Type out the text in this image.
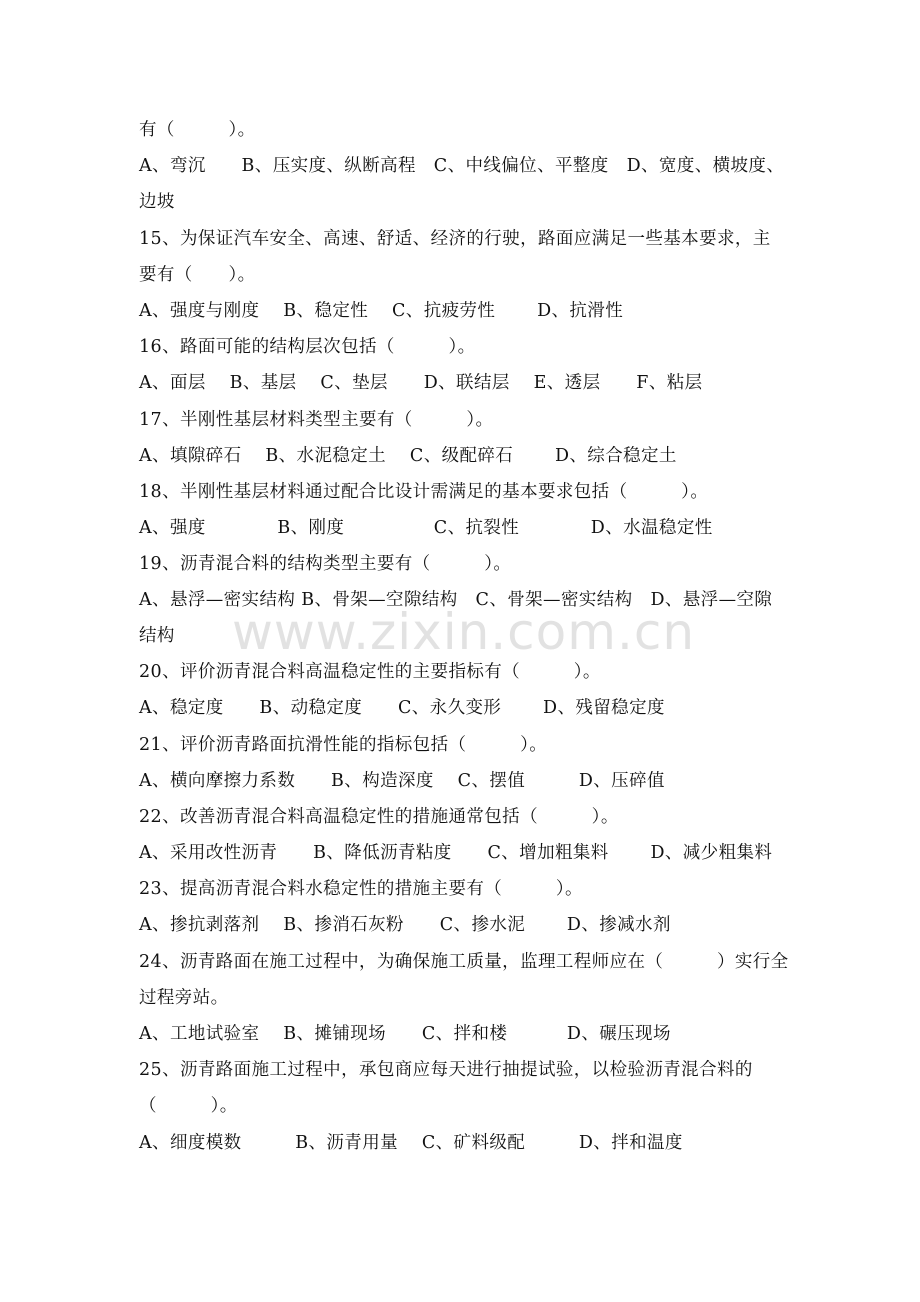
www.zixin.com.cn
有（　　　）。
A、弯沉　　B、压实度、纵断高程　C、中线偏位、平整度　D、宽度、横坡度、
边坡
15、为保证汽车安全、高速、舒适、经济的行驶，路面应满足一些基本要求，主
要有（　　）。
A、强度与刚度　 B、稳定性　 C、抗疲劳性　　 D、抗滑性
16、路面可能的结构层次包括（　　　）。
A、面层　 B、基层　 C、垫层　　D、联结层　 E、透层　　F、粘层
17、半刚性基层材料类型主要有（　　　）。
A、填隙碎石　 B、水泥稳定土　 C、级配碎石　　 D、综合稳定土
18、半刚性基层材料通过配合比设计需满足的基本要求包括（　　　）。
A、强度　　　　B、刚度　　　　　C、抗裂性　　　　D、水温稳定性
19、沥青混合料的结构类型主要有（　　　）。
A、悬浮—密实结构 B、骨架—空隙结构　C、骨架—密实结构　D、悬浮—空隙
结构
20、评价沥青混合料高温稳定性的主要指标有（　　　）。
A、稳定度　　B、动稳定度　　C、永久变形　　 D、残留稳定度
21、评价沥青路面抗滑性能的指标包括（　　　）。
A、横向摩擦力系数　　B、构造深度　 C、摆值　　　D、压碎值
22、改善沥青混合料高温稳定性的措施通常包括（　　　）。
A、采用改性沥青　　B、降低沥青粘度　　C、增加粗集料　　 D、减少粗集料
23、提高沥青混合料水稳定性的措施主要有（　　　）。
A、掺抗剥落剂　 B、掺消石灰粉　　C、掺水泥　　 D、掺减水剂
24、沥青路面在施工过程中，为确保施工质量，监理工程师应在（　　　）实行全
过程旁站。
A、工地试验室　 B、摊铺现场　　C、拌和楼　　　 D、碾压现场
25、沥青路面施工过程中，承包商应每天进行抽提试验，以检验沥青混合料的
（　　　）。
A、细度模数　　　B、沥青用量　 C、矿料级配　　　D、拌和温度
